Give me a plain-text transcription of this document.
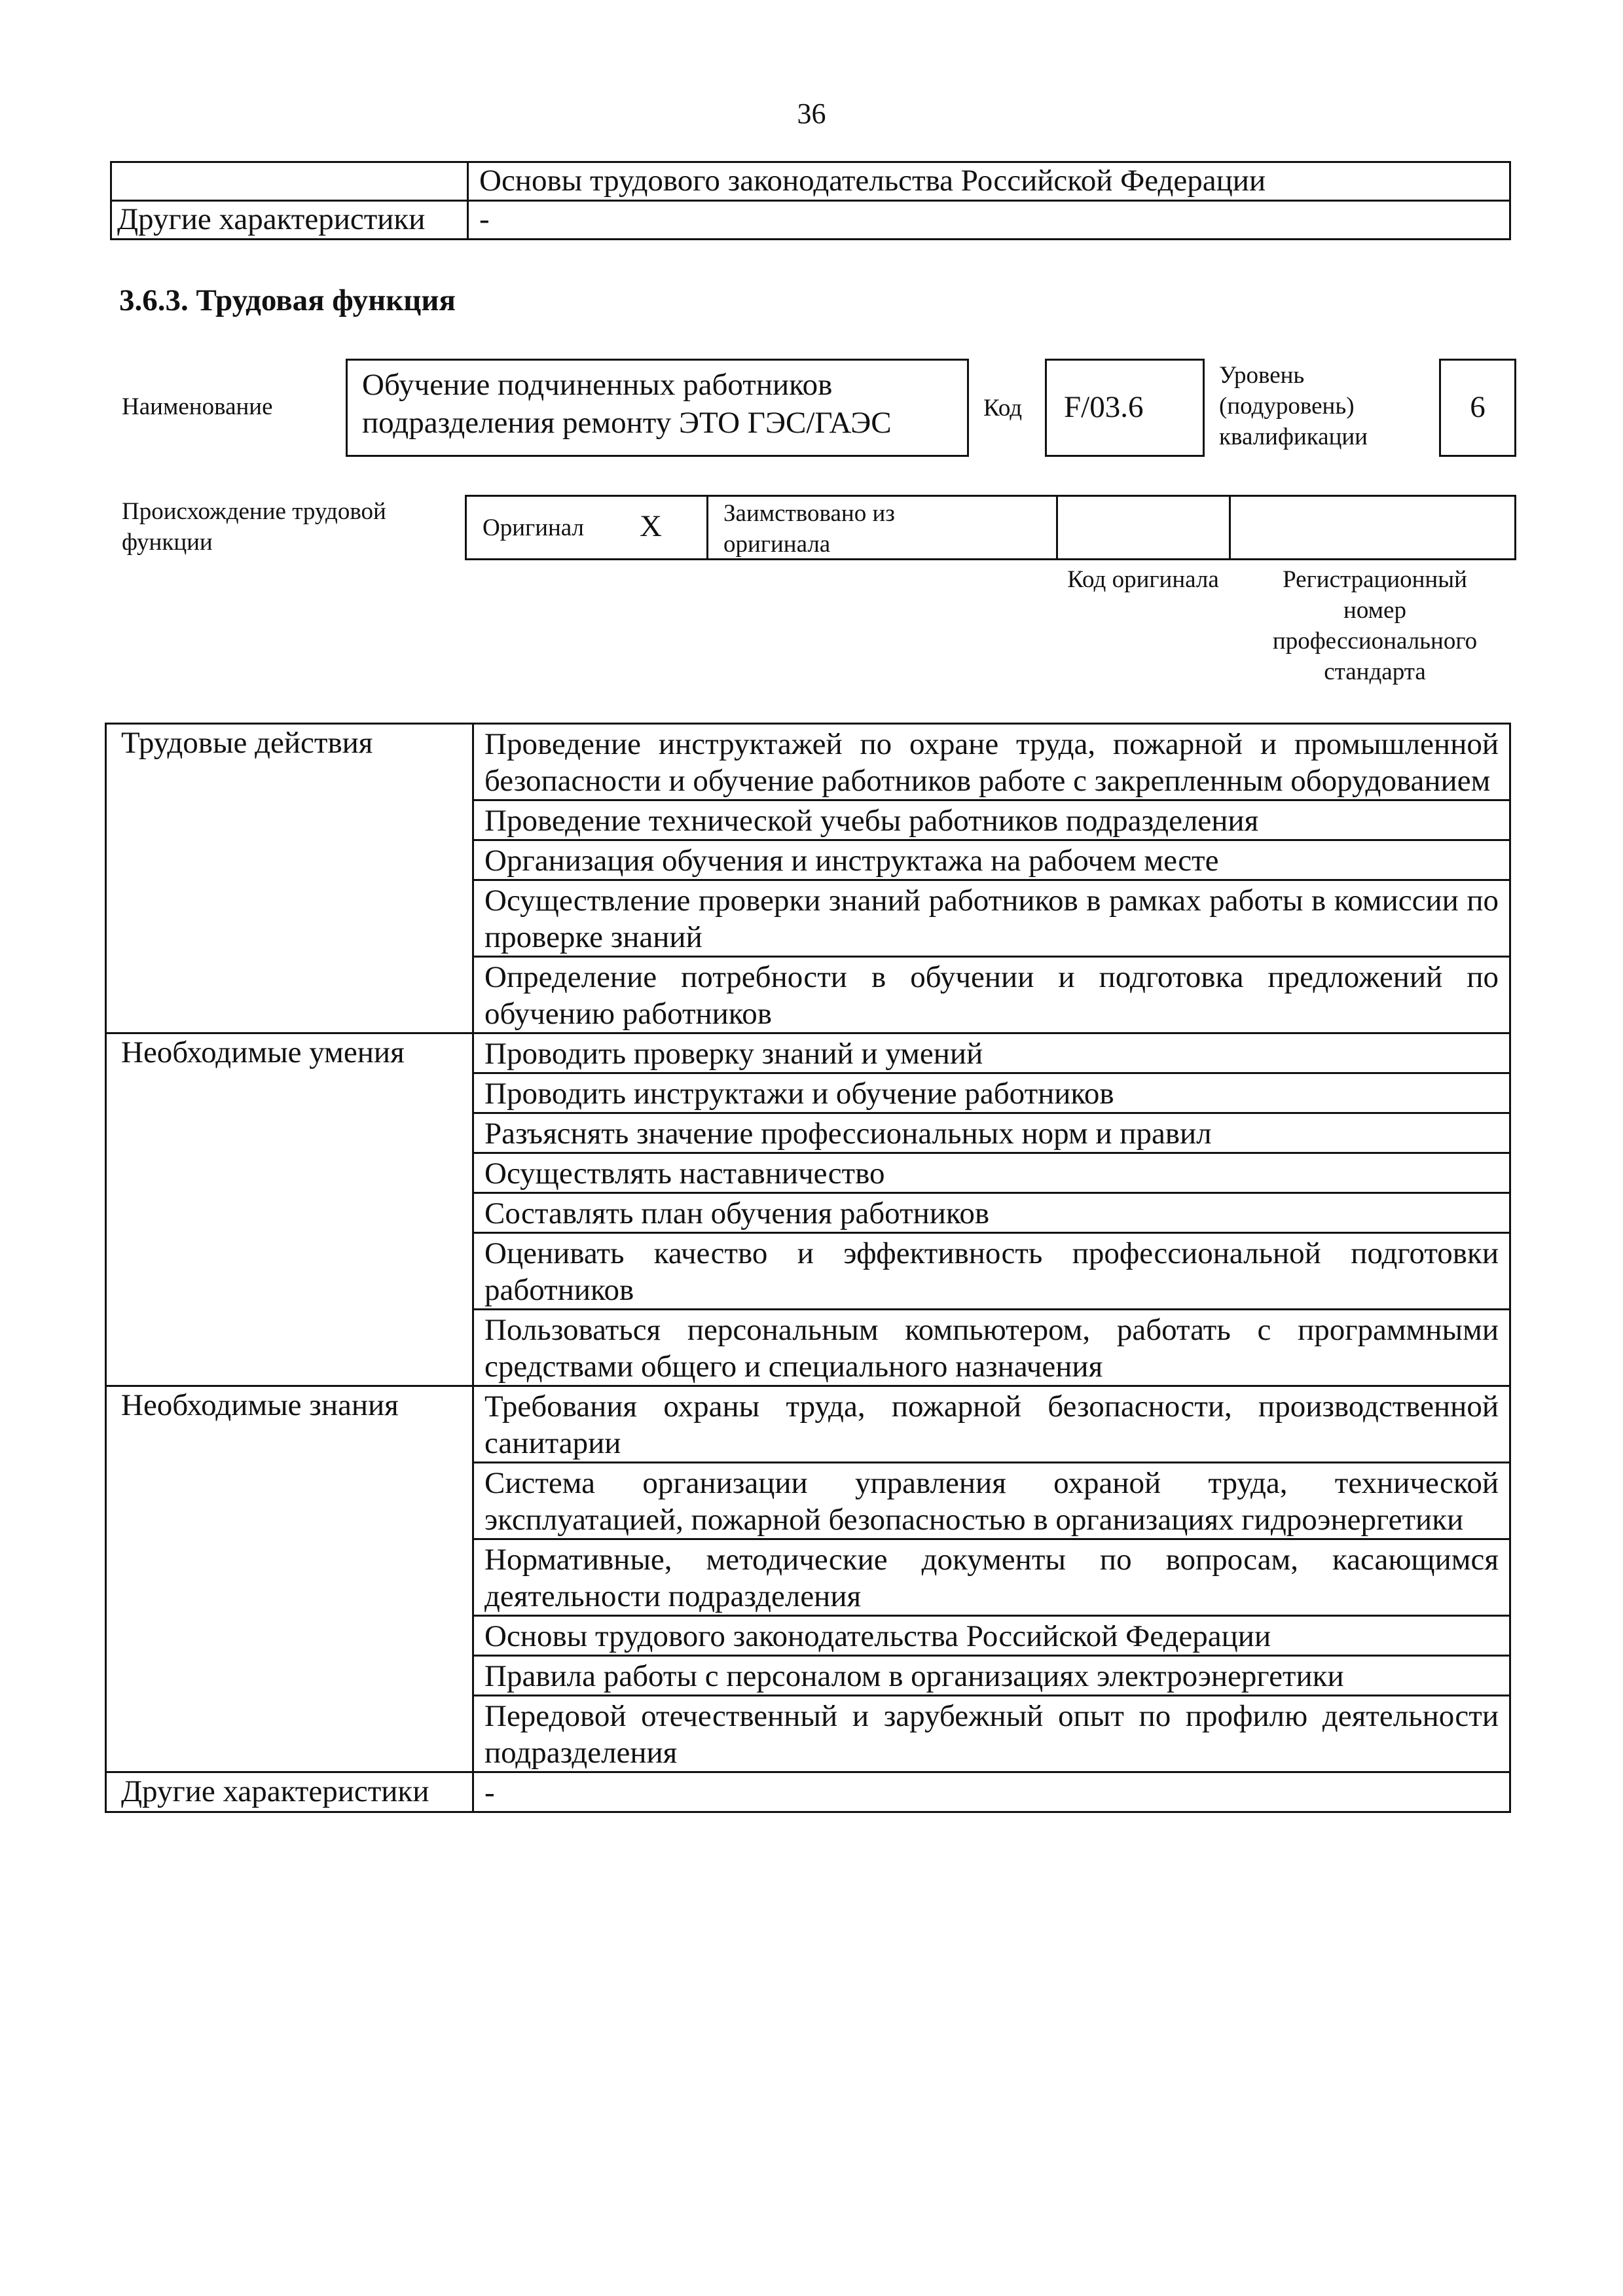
36
	Основы трудового законодательства Российской Федерации
Другие характеристики	-
3.6.3. Трудовая функция
Наименование
Обучение подчиненных работников подразделения ремонту ЭТО ГЭС/ГАЭС	Код F/03.6
Уровень (подуровень) квалификации
6
Происхождение трудовой функции
Оригинал X	Заимствовано из оригинала
Код оригинала	Регистрационный номер профессионального стандарта
Трудовые действия	Проведение инструктажей по охране труда, пожарной и промышленной безопасности и обучение работников работе с закрепленным оборудованием
	Проведение технической учебы работников подразделения
	Организация обучения и инструктажа на рабочем месте
	Осуществление проверки знаний работников в рамках работы в комиссии по проверке знаний
	Определение потребности в обучении и подготовка предложений по обучению работников
Необходимые умения	Проводить проверку знаний и умений
	Проводить инструктажи и обучение работников
	Разъяснять значение профессиональных норм и правил
	Осуществлять наставничество
	Составлять план обучения работников
	Оценивать качество и эффективность профессиональной подготовки работников
	Пользоваться персональным компьютером, работать с программными средствами общего и специального назначения
Необходимые знания	Требования охраны труда, пожарной безопасности, производственной санитарии
	Система организации управления охраной труда, технической эксплуатацией, пожарной безопасностью в организациях гидроэнергетики
	Нормативные, методические документы по вопросам, касающимся деятельности подразделения
	Основы трудового законодательства Российской Федерации
	Правила работы с персоналом в организациях электроэнергетики
	Передовой отечественный и зарубежный опыт по профилю деятельности подразделения
Другие характеристики	-
